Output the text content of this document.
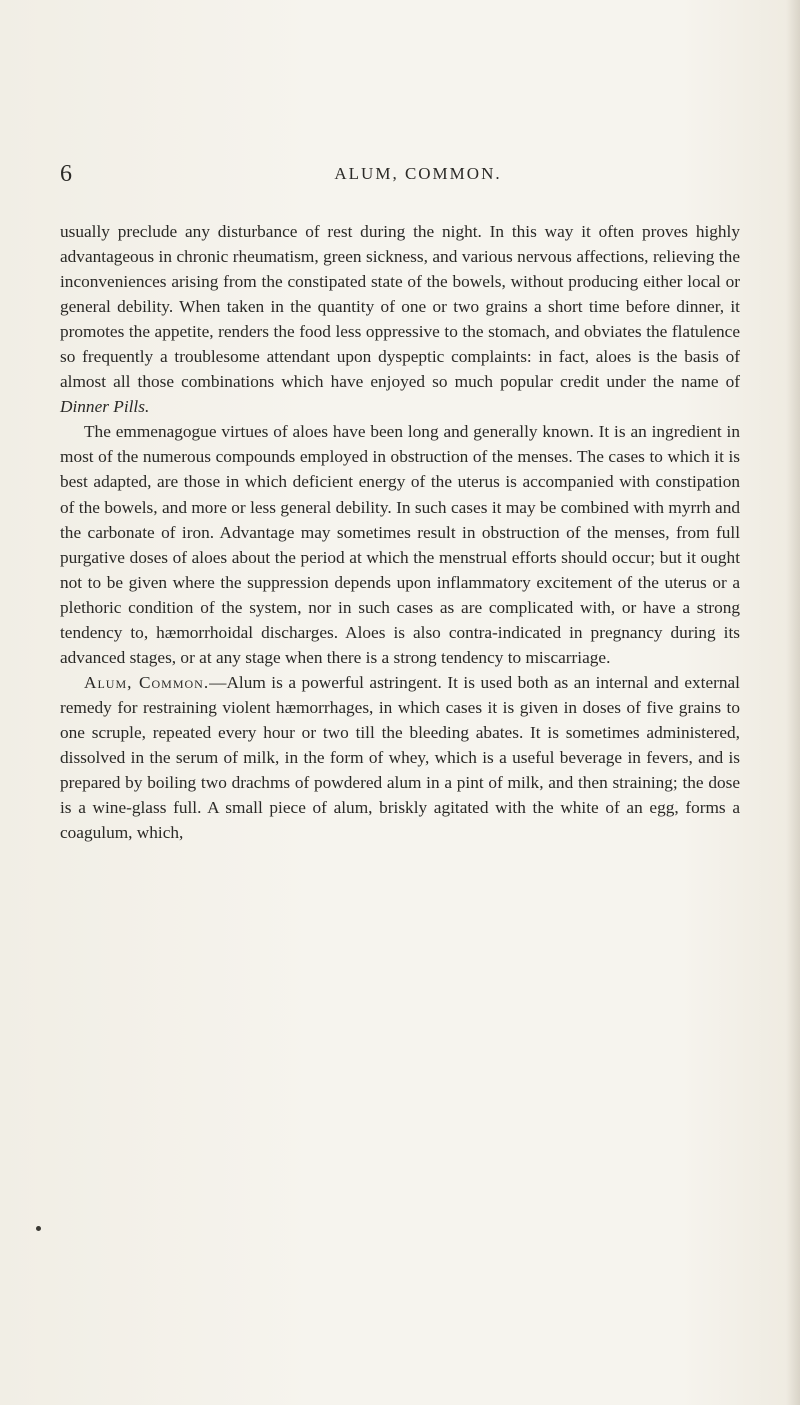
6	ALUM, COMMON.

usually preclude any disturbance of rest during the night. In this way it often proves highly advantageous in chronic rheumatism, green sickness, and various nervous affections, relieving the inconveniences arising from the constipated state of the bowels, without producing either local or general debility. When taken in the quantity of one or two grains a short time before dinner, it promotes the appetite, renders the food less oppressive to the stomach, and obviates the flatulence so frequently a troublesome attendant upon dyspeptic complaints: in fact, aloes is the basis of almost all those combinations which have enjoyed so much popular credit under the name of Dinner Pills.

The emmenagogue virtues of aloes have been long and generally known. It is an ingredient in most of the numerous compounds employed in obstruction of the menses. The cases to which it is best adapted, are those in which deficient energy of the uterus is accompanied with constipation of the bowels, and more or less general debility. In such cases it may be combined with myrrh and the carbonate of iron. Advantage may sometimes result in obstruction of the menses, from full purgative doses of aloes about the period at which the menstrual efforts should occur; but it ought not to be given where the suppression depends upon inflammatory excitement of the uterus or a plethoric condition of the system, nor in such cases as are complicated with, or have a strong tendency to, hæmorrhoidal discharges. Aloes is also contra-indicated in pregnancy during its advanced stages, or at any stage when there is a strong tendency to miscarriage.

Alum, Common.—Alum is a powerful astringent. It is used both as an internal and external remedy for restraining violent hæmorrhages, in which cases it is given in doses of five grains to one scruple, repeated every hour or two till the bleeding abates. It is sometimes administered, dissolved in the serum of milk, in the form of whey, which is a useful beverage in fevers, and is prepared by boiling two drachms of powdered alum in a pint of milk, and then straining; the dose is a wine-glass full. A small piece of alum, briskly agitated with the white of an egg, forms a coagulum, which,
